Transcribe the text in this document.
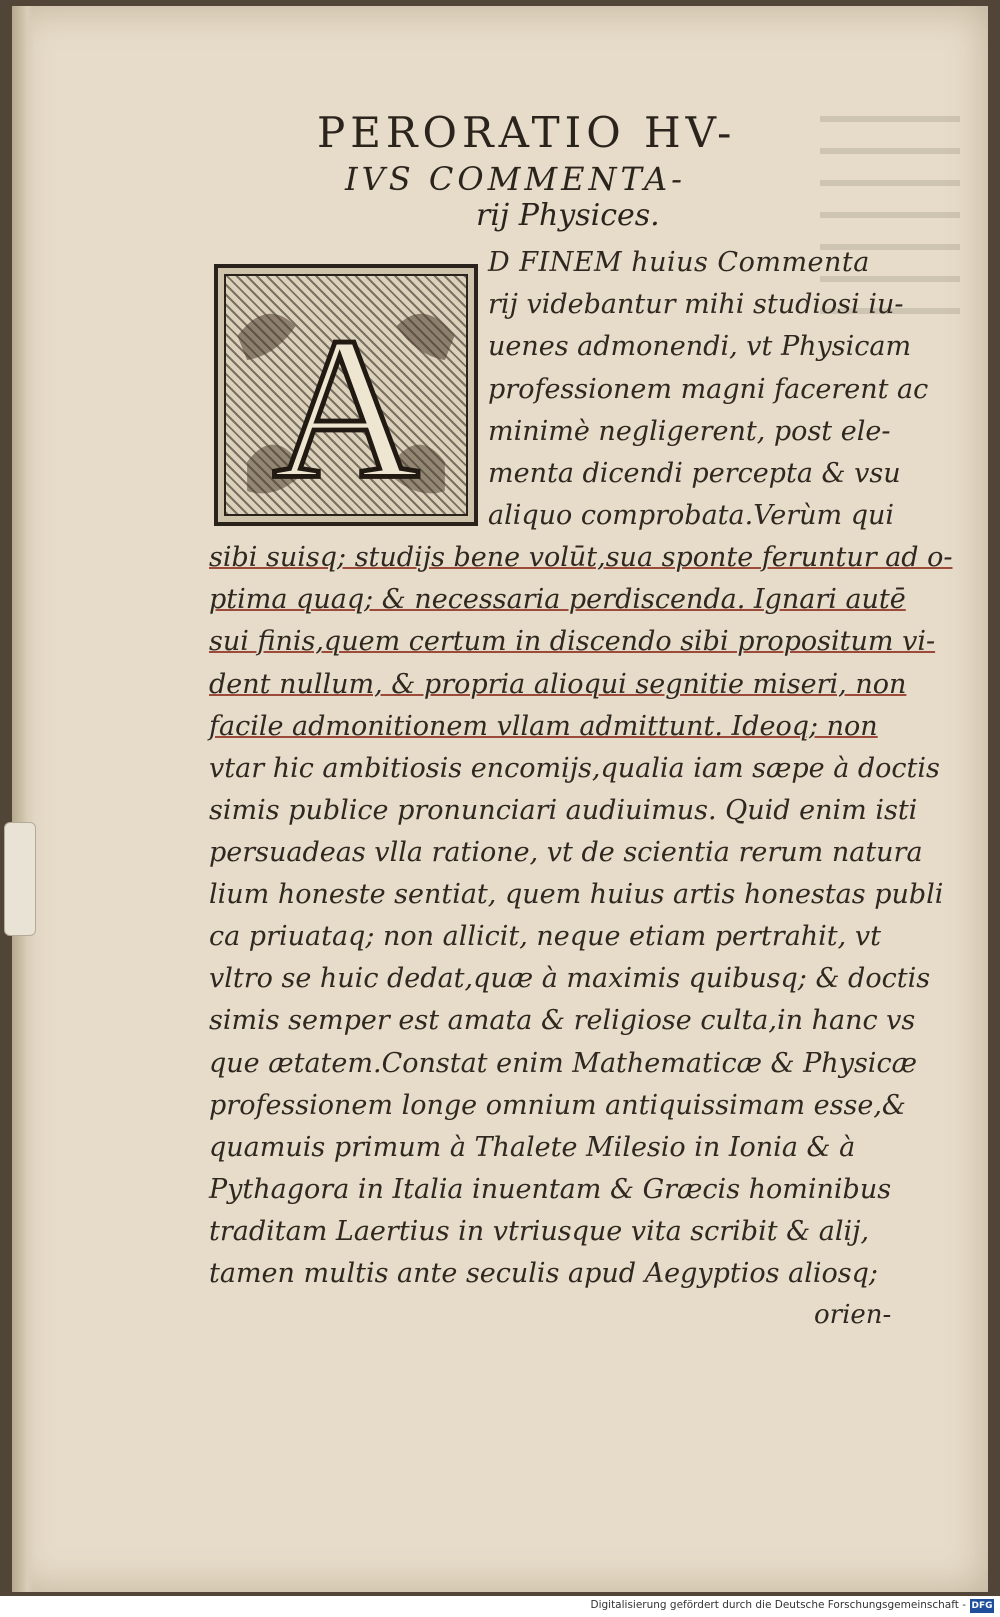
PERORATIO HV-
IVS COMMENTA-
rij Physices.
A
D FINEM huius Commenta
rij videbantur mihi studiosi iu-
uenes admonendi, vt Physicam
professionem magni facerent ac
minimè negligerent, post ele-
menta dicendi percepta & vsu
aliquo comprobata.Verùm qui
sibi suisq; studijs bene volūt,sua sponte feruntur ad o-
ptima quaq; & necessaria perdiscenda. Ignari autē
sui finis,quem certum in discendo sibi propositum vi-
dent nullum, & propria alioqui segnitie miseri, non
facile admonitionem vllam admittunt. Ideoq; non
vtar hic ambitiosis encomijs,qualia iam sæpe à doctis
simis publice pronunciari audiuimus. Quid enim isti
persuadeas vlla ratione, vt de scientia rerum natura
lium honeste sentiat, quem huius artis honestas publi
ca priuataq; non allicit, neque etiam pertrahit, vt
vltro se huic dedat,quæ à maximis quibusq; & doctis
simis semper est amata & religiose culta,in hanc vs
que ætatem.Constat enim Mathematicæ & Physicæ
professionem longe omnium antiquissimam esse,&
quamuis primum à Thalete Milesio in Ionia & à
Pythagora in Italia inuentam & Græcis hominibus
traditam Laertius in vtriusque vita scribit & alij,
tamen multis ante seculis apud Aegyptios aliosq;
orien-
Digitalisierung gefördert durch die Deutsche Forschungsgemeinschaft - DFG
